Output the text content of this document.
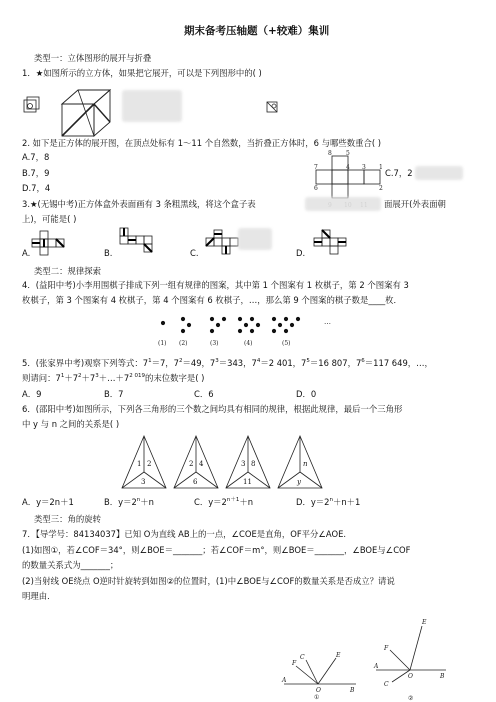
期末备考压轴题（+较难）集训
类型一：立体图形的展开与折叠
1．★如图所示的立方体，如果把它展开，可以是下列图形中的( )
2. 如下是正方体的展开图，在顶点处标有 1～11 个自然数，当折叠正方体时，6 与哪些数重合( )
A.7，8
B.7，9
D.7，4
C.7，2
8 5
7	4 3 1
6	2
3.★(无锡中考)正方体盒外表面画有 3 条粗黑线，将这个盒子表	面展开(外表面朝
上)，可能是( )
A.	B.	C.	D.
类型二：规律探索
4．(益阳中考)小李用围棋子排成下列一组有规律的图案，其中第 1 个图案有 1 枚棋子，第 2 个图案有 3
枚棋子，第 3 个图案有 4 枚棋子，第 4 个图案有 6 枚棋子，…，那么第 9 个图案的棋子数是____枚．
…
(1) (2)	(3)	(4)	(5)
5．(张家界中考)观察下列等式：$7^1=7$，$7^2=49$，$7^3=343$，$7^4=2$ 401，$7^5=16$ 807，$7^6=117$ 649，…，
则请问：$7^1+7^2+7^3+\dots+7^{2 019}$的末位数字是( )
A．9	B．7	C．6	D．0
6．(邵阳中考)如图所示，下列各三角形的三个数之间均具有相同的规律，根据此规律，最后一个三角形
中 y 与 n 之间的关系是( )
1 2
3
2 4
6
3 8
11
n
y
A．y＝2n＋1	B．$y=2^n+n$	C．$y=2^{n+1}+n$	D．$y=2^n+n+1$
类型三：角的旋转
7．【导学号：84134037】已知 O为直线 AB上的一点，∠COE是直角，OF平分∠AOE.
(1)如图①，若∠COF＝34°，则∠BOE＝_______；若∠COF＝m°，则∠BOE＝_______，∠BOE与∠COF
的数量关系式为_______；
(2)当射线 OE绕点 O逆时针旋转到如图②的位置时，(1)中∠BOE与∠COF的数量关系是否成立？请说
明理由．
A
O	B
F
C	E
①
A
O	B
F
E
C
②
